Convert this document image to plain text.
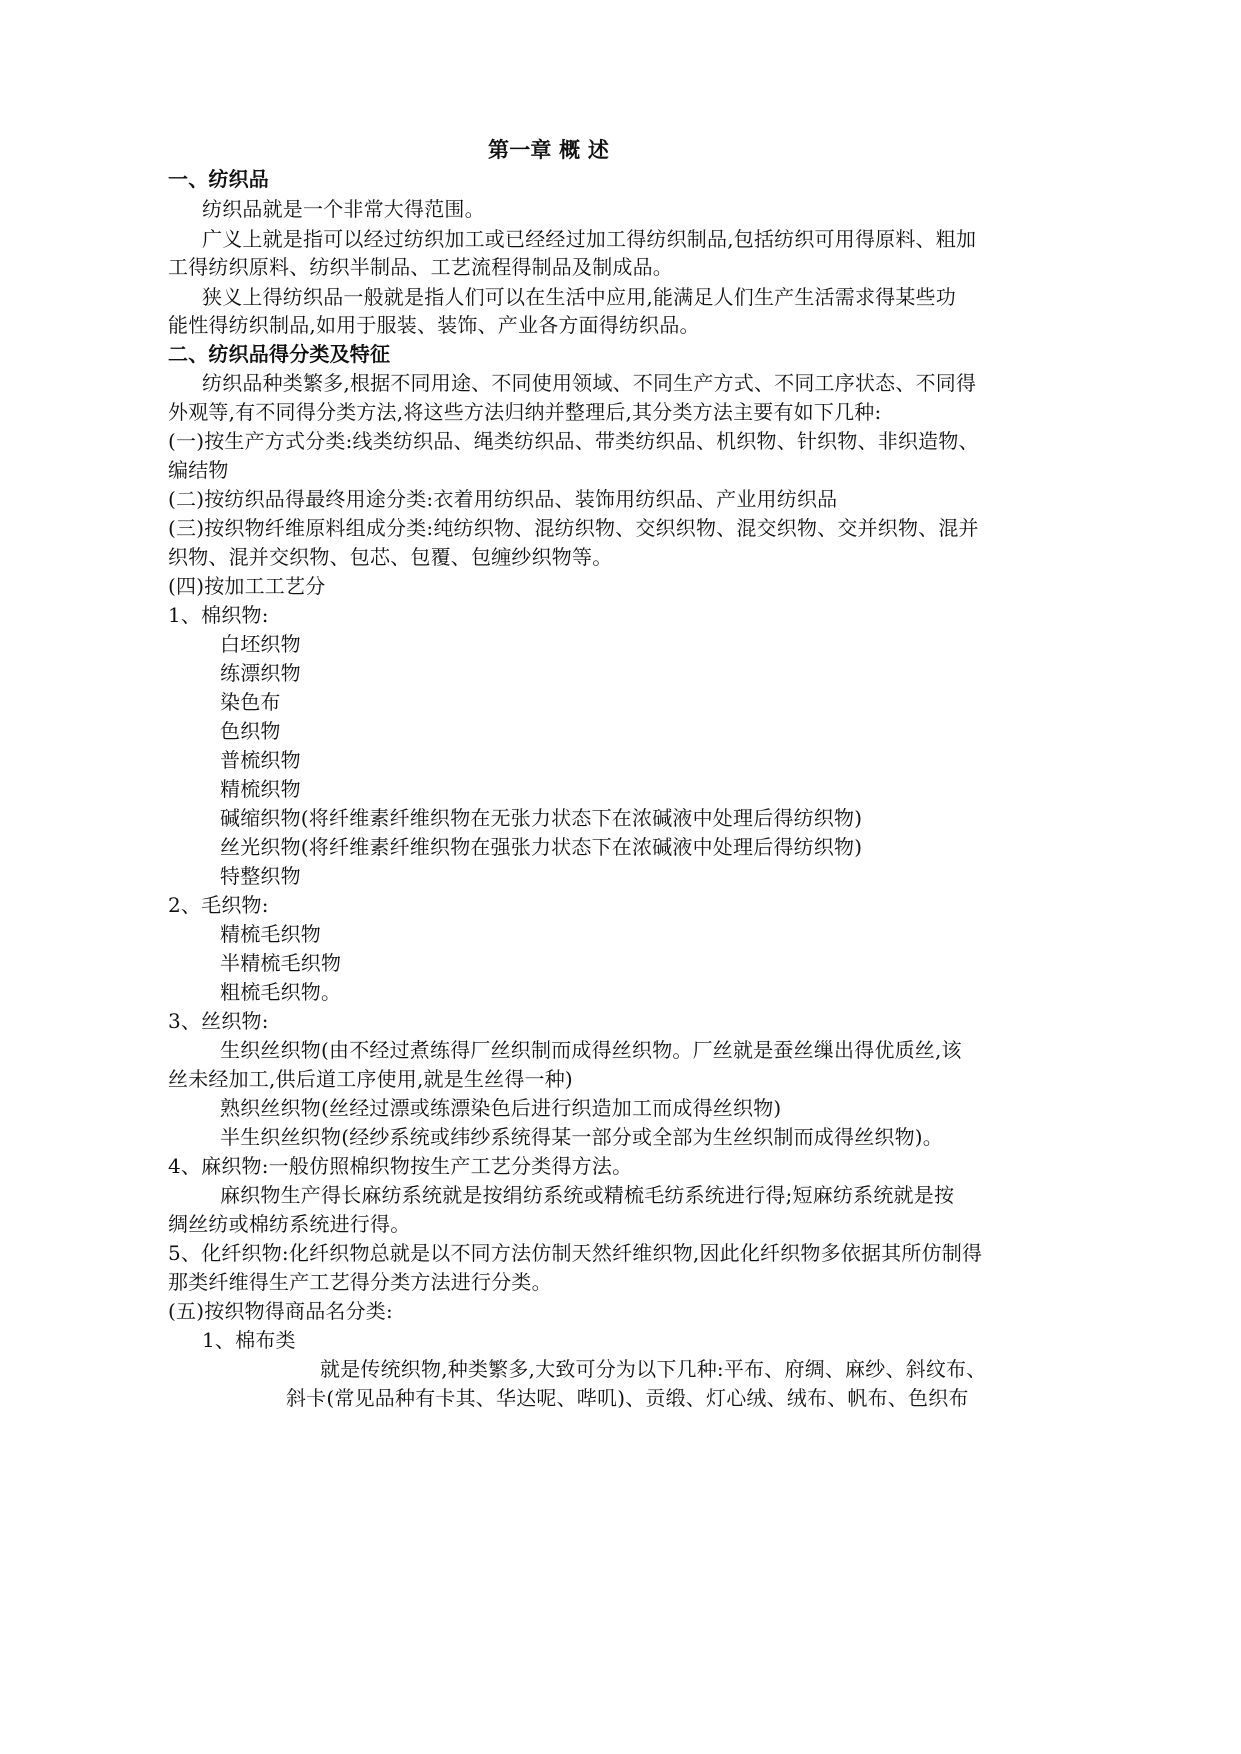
第一章 概 述
一、纺织品
纺织品就是一个非常大得范围。
广义上就是指可以经过纺织加工或已经经过加工得纺织制品,包括纺织可用得原料、粗加
工得纺织原料、纺织半制品、工艺流程得制品及制成品。
狭义上得纺织品一般就是指人们可以在生活中应用,能满足人们生产生活需求得某些功
能性得纺织制品,如用于服装、装饰、产业各方面得纺织品。
二、纺织品得分类及特征
纺织品种类繁多,根据不同用途、不同使用领域、不同生产方式、不同工序状态、不同得
外观等,有不同得分类方法,将这些方法归纳并整理后,其分类方法主要有如下几种:
(一)按生产方式分类:线类纺织品、绳类纺织品、带类纺织品、机织物、针织物、非织造物、
编结物
(二)按纺织品得最终用途分类:衣着用纺织品、装饰用纺织品、产业用纺织品
(三)按织物纤维原料组成分类:纯纺织物、混纺织物、交织织物、混交织物、交并织物、混并
织物、混并交织物、包芯、包覆、包缠纱织物等。
(四)按加工工艺分
1、棉织物:
白坯织物
练漂织物
染色布
色织物
普梳织物
精梳织物
碱缩织物(将纤维素纤维织物在无张力状态下在浓碱液中处理后得纺织物)
丝光织物(将纤维素纤维织物在强张力状态下在浓碱液中处理后得纺织物)
特整织物
2、毛织物:
精梳毛织物
半精梳毛织物
粗梳毛织物。
3、丝织物:
生织丝织物(由不经过煮练得厂丝织制而成得丝织物。厂丝就是蚕丝缫出得优质丝,该
丝未经加工,供后道工序使用,就是生丝得一种)
熟织丝织物(丝经过漂或练漂染色后进行织造加工而成得丝织物)
半生织丝织物(经纱系统或纬纱系统得某一部分或全部为生丝织制而成得丝织物)。
4、麻织物:一般仿照棉织物按生产工艺分类得方法。
麻织物生产得长麻纺系统就是按绢纺系统或精梳毛纺系统进行得;短麻纺系统就是按
绸丝纺或棉纺系统进行得。
5、化纤织物:化纤织物总就是以不同方法仿制天然纤维织物,因此化纤织物多依据其所仿制得
那类纤维得生产工艺得分类方法进行分类。
(五)按织物得商品名分类:
1、棉布类
就是传统织物,种类繁多,大致可分为以下几种:平布、府绸、麻纱、斜纹布、
斜卡(常见品种有卡其、华达呢、哔叽)、贡缎、灯心绒、绒布、帆布、色织布
